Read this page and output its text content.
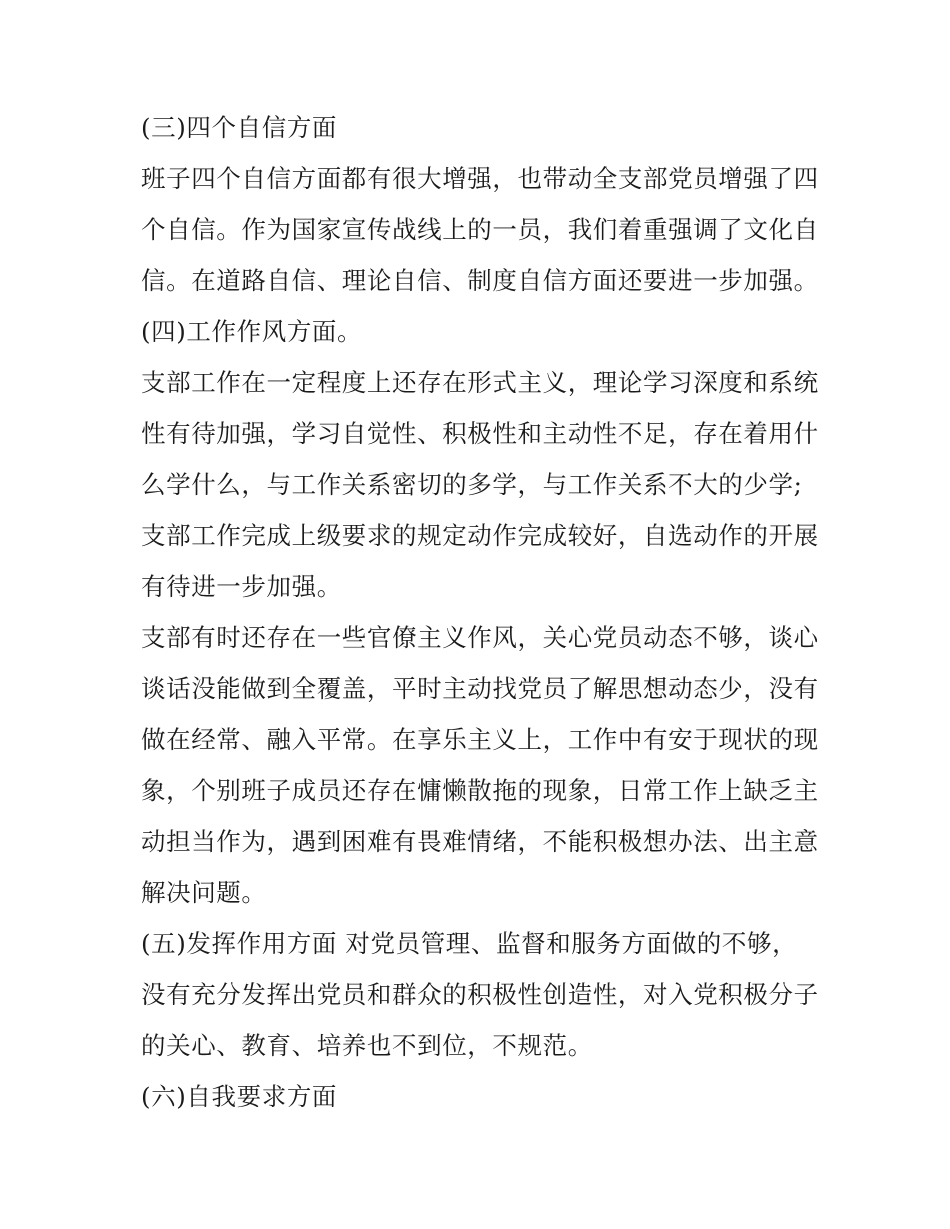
(三)四个自信方面
班子四个自信方面都有很大增强，也带动全支部党员增强了四
个自信。作为国家宣传战线上的一员，我们着重强调了文化自
信。在道路自信、理论自信、制度自信方面还要进一步加强。
(四)工作作风方面。
支部工作在一定程度上还存在形式主义，理论学习深度和系统
性有待加强，学习自觉性、积极性和主动性不足，存在着用什
么学什么，与工作关系密切的多学，与工作关系不大的少学;
支部工作完成上级要求的规定动作完成较好，自选动作的开展
有待进一步加强。
支部有时还存在一些官僚主义作风，关心党员动态不够，谈心
谈话没能做到全覆盖，平时主动找党员了解思想动态少，没有
做在经常、融入平常。在享乐主义上，工作中有安于现状的现
象，个别班子成员还存在慵懒散拖的现象，日常工作上缺乏主
动担当作为，遇到困难有畏难情绪，不能积极想办法、出主意
解决问题。
(五)发挥作用方面 对党员管理、监督和服务方面做的不够，
没有充分发挥出党员和群众的积极性创造性，对入党积极分子
的关心、教育、培养也不到位，不规范。
(六)自我要求方面
